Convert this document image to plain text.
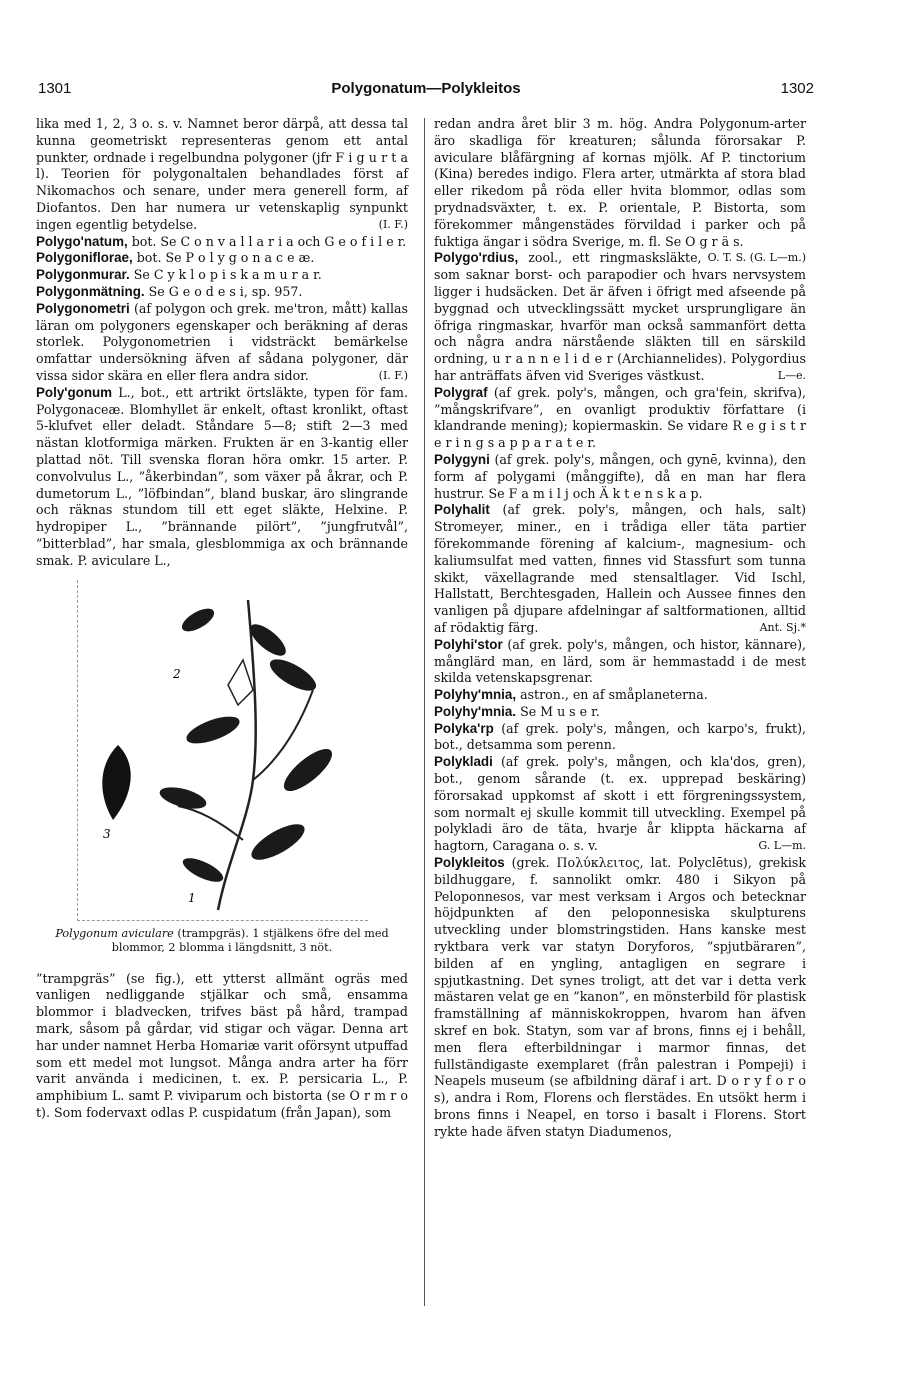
1301	Polygonatum—Polykleitos	1302

lika med 1, 2, 3 o. s. v. Namnet beror därpå, att dessa tal kunna geometriskt representeras genom ett antal punkter, ordnade i regelbundna polygoner (jfr F i g u r t a l). Teorien för polygonaltalen behandlades först af Nikomachos och senare, under mera generell form, af Diofantos. Den har numera ur vetenskaplig synpunkt ingen egentlig betydelse.	(I. F.)

Polygo'natum, bot. Se C o n v a l l a r i a och G e o f i l e r.

Polygoniflorae, bot. Se P o l y g o n a c e æ.

Polygonmurar. Se C y k l o p i s k a m u r a r.

Polygonmätning. Se G e o d e s i, sp. 957.

Polygonometri (af polygon och grek. me'tron, mått) kallas läran om polygoners egenskaper och beräkning af deras storlek. Polygonometrien i vidsträckt bemärkelse omfattar undersökning äfven af sådana polygoner, där vissa sidor skära en eller flera andra sidor.	(I. F.)

Poly'gonum L., bot., ett artrikt örtsläkte, typen för fam. Polygonaceæ. Blomhyllet är enkelt, oftast kronlikt, oftast 5-klufvet eller deladt. Ståndare 5—8; stift 2—3 med nästan klotformiga märken. Frukten är en 3-kantig eller plattad nöt. Till svenska floran höra omkr. 15 arter. P. convolvulus L., ”åkerbindan”, som växer på åkrar, och P. dumetorum L., ”löfbindan”, bland buskar, äro slingrande och räknas stundom till ett eget släkte, Helxine. P. hydropiper L., ”brännande pilört”, ”jungfrutvål”, ”bitterblad”, har smala, glesblommiga ax och brännande smak. P. aviculare L.,

2
3
1
Polygonum aviculare (trampgräs). 1 stjälkens öfre del med blommor, 2 blomma i längdsnitt, 3 nöt.

”trampgräs” (se fig.), ett ytterst allmänt ogräs med vanligen nedliggande stjälkar och små, ensamma blommor i bladvecken, trifves bäst på hård, trampad mark, såsom på gårdar, vid stigar och vägar. Denna art har under namnet Herba Homariæ varit oförsynt utpuffad som ett medel mot lungsot. Många andra arter ha förr varit använda i medicinen, t. ex. P. persicaria L., P. amphibium L. samt P. viviparum och bistorta (se O r m r o t). Som fodervaxt odlas P. cuspidatum (från Japan), som

redan andra året blir 3 m. hög. Andra Polygonum-arter äro skadliga för kreaturen; sålunda förorsakar P. aviculare blåfärgning af kornas mjölk. Af P. tinctorium (Kina) beredes indigo. Flera arter, utmärkta af stora blad eller rikedom på röda eller hvita blommor, odlas som prydnadsväxter, t. ex. P. orientale, P. Bistorta, som förekommer mångenstädes förvildad i parker och på fuktiga ängar i södra Sverige, m. fl. Se O g r ä s.
O. T. S. (G. L—m.)

Polygo'rdius, zool., ett ringmasksläkte, som saknar borst- och parapodier och hvars nervsystem ligger i hudsäcken. Det är äfven i öfrigt med afseende på byggnad och utvecklingssätt mycket ursprungligare än öfriga ringmaskar, hvarför man också sammanfört detta och några andra närstående släkten till en särskild ordning, u r a n n e l i d e r (Archiannelides). Polygordius har anträffats äfven vid Sveriges västkust.	L—e.

Polygraf (af grek. poly's, mången, och gra'fein, skrifva), ”mångskrifvare”, en ovanligt produktiv författare (i klandrande mening); kopiermaskin. Se vidare R e g i s t r e r i n g s a p p a r a t e r.

Polygyni (af grek. poly's, mången, och gynē, kvinna), den form af polygami (månggifte), då en man har flera hustrur. Se F a m i l j och Ä k t e n s k a p.

Polyhalit (af grek. poly's, mången, och hals, salt) Stromeyer, miner., en i trådiga eller täta partier förekommande förening af kalcium-, magnesium- och kaliumsulfat med vatten, finnes vid Stassfurt som tunna skikt, växellagrande med stensaltlager. Vid Ischl, Hallstatt, Berchtesgaden, Hallein och Aussee finnes den vanligen på djupare afdelningar af saltformationen, alltid af rödaktig färg.	Ant. Sj.*

Polyhi'stor (af grek. poly's, mången, och histor, kännare), månglärd man, en lärd, som är hemmastadd i de mest skilda vetenskapsgrenar.

Polyhy'mnia, astron., en af småplaneterna.

Polyhy'mnia. Se M u s e r.

Polyka'rp (af grek. poly's, mången, och karpo's, frukt), bot., detsamma som perenn.

Polykladi (af grek. poly's, mången, och kla'dos, gren), bot., genom sårande (t. ex. upprepad beskäring) förorsakad uppkomst af skott i ett förgreningssystem, som normalt ej skulle kommit till utveckling. Exempel på polykladi äro de täta, hvarje år klippta häckarna af hagtorn, Caragana o. s. v.	G. L—m.

Polykleitos (grek. Πολύκλειτος, lat. Polyclētus), grekisk bildhuggare, f. sannolikt omkr. 480 i Sikyon på Peloponnesos, var mest verksam i Argos och betecknar höjdpunkten af den peloponnesiska skulpturens utveckling under blomstringstiden. Hans kanske mest ryktbara verk var statyn Doryforos, ”spjutbäraren”, bilden af en yngling, antagligen en segrare i spjutkastning. Det synes troligt, att det var i detta verk mästaren velat ge en ”kanon”, en mönsterbild för plastisk framställning af människokroppen, hvarom han äfven skref en bok. Statyn, som var af brons, finns ej i behåll, men flera efterbildningar i marmor finnas, det fullständigaste exemplaret (från palestran i Pompeji) i Neapels museum (se afbildning däraf i art. D o r y f o r o s), andra i Rom, Florens och flerstädes. En utsökt herm i brons finns i Neapel, en torso i basalt i Florens. Stort rykte hade äfven statyn Diadumenos,
